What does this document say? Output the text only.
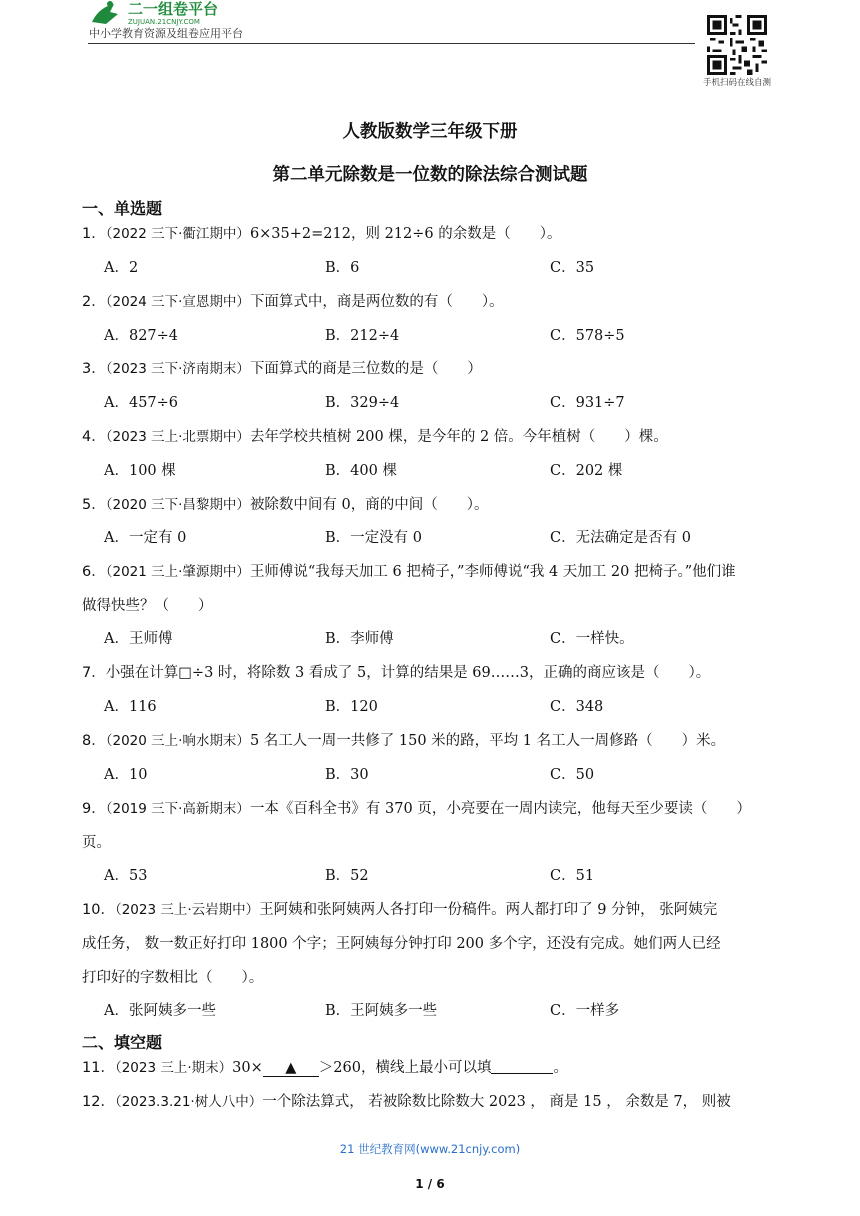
二一组卷平台
ZUJUAN.21CNJY.COM
中小学教育资源及组卷应用平台
手机扫码在线自测
人教版数学三年级下册
第二单元除数是一位数的除法综合测试题
一、单选题
1．（2022 三下·衢江期中）6×35+2=212，则 212÷6 的余数是（　　）。
A．2	B．6	C．35
2．（2024 三下·宣恩期中）下面算式中，商是两位数的有（　　）。
A．827÷4	B．212÷4	C．578÷5
3．（2023 三下·济南期末）下面算式的商是三位数的是（　　）
A．457÷6	B．329÷4	C．931÷7
4．（2023 三上·北票期中）去年学校共植树 200 棵，是今年的 2 倍。今年植树（　　）棵。
A．100 棵	B．400 棵	C．202 棵
5．（2020 三下·昌黎期中）被除数中间有 0，商的中间（　　）。
A．一定有 0	B．一定没有 0	C．无法确定是否有 0
6．（2021 三上·肇源期中）王师傅说“我每天加工 6 把椅子，”李师傅说“我 4 天加工 20 把椅子。”他们谁
做得快些？（　　）
A．王师傅	B．李师傅	C．一样快。
7．小强在计算□÷3 时，将除数 3 看成了 5，计算的结果是 69……3，正确的商应该是（　　）。
A．116	B．120	C．348
8．（2020 三上·响水期末）5 名工人一周一共修了 150 米的路，平均 1 名工人一周修路（　　）米。
A．10	B．30	C．50
9．（2019 三下·高新期末）一本《百科全书》有 370 页，小亮要在一周内读完，他每天至少要读（　　）
页。
A．53	B．52	C．51
10．（2023 三上·云岩期中）王阿姨和张阿姨两人各打印一份稿件。两人都打印了 9 分钟， 张阿姨完
成任务， 数一数正好打印 1800 个字；王阿姨每分钟打印 200 多个字，还没有完成。她们两人已经
打印好的字数相比（　　）。
A．张阿姨多一些	B．王阿姨多一些	C．一样多
二、填空题
11．（2023 三上·期末）30× ▲ ＞260，横线上最小可以填	。
12．（2023.3.21·树人八中）一个除法算式， 若被除数比除数大 2023 ， 商是 15 ， 余数是 7， 则被
21 世纪教育网(www.21cnjy.com)
1 / 6
